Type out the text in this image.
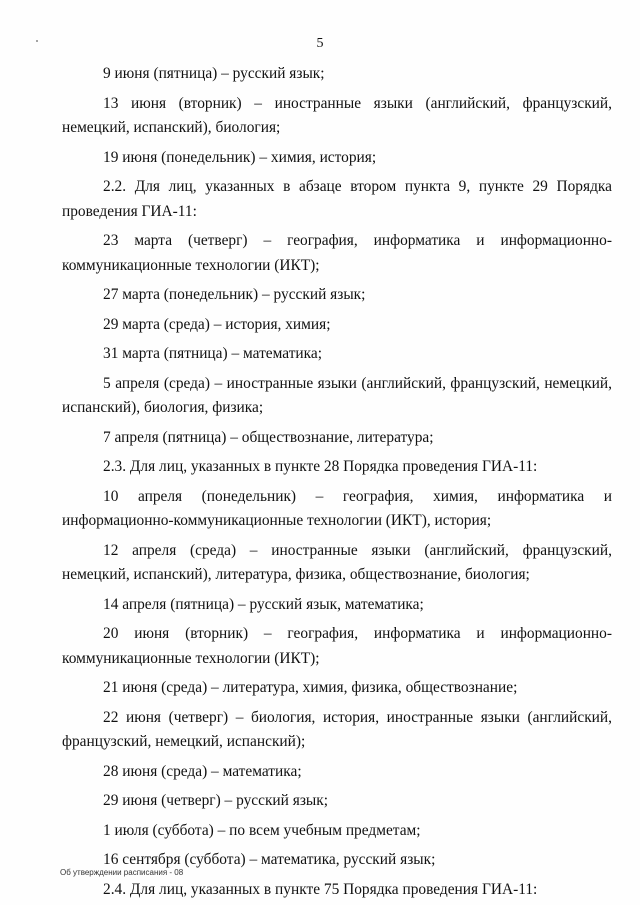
5

9 июня (пятница) – русский язык;

13 июня (вторник) – иностранные языки (английский, французский, немецкий, испанский), биология;

19 июня (понедельник) – химия, история;

2.2. Для лиц, указанных в абзаце втором пункта 9, пункте 29 Порядка проведения ГИА-11:

23 марта (четверг) – география, информатика и информационно-коммуникационные технологии (ИКТ);

27 марта (понедельник) – русский язык;

29 марта (среда) – история, химия;

31 марта (пятница) – математика;

5 апреля (среда) – иностранные языки (английский, французский, немецкий, испанский), биология, физика;

7 апреля (пятница) – обществознание, литература;

2.3. Для лиц, указанных в пункте 28 Порядка проведения ГИА-11:

10 апреля (понедельник) – география, химия, информатика и информационно-коммуникационные технологии (ИКТ), история;

12 апреля (среда) – иностранные языки (английский, французский, немецкий, испанский), литература, физика, обществознание, биология;

14 апреля (пятница) – русский язык, математика;

20 июня (вторник) – география, информатика и информационно-коммуникационные технологии (ИКТ);

21 июня (среда) – литература, химия, физика, обществознание;

22 июня (четверг) – биология, история, иностранные языки (английский, французский, немецкий, испанский);

28 июня (среда) – математика;

29 июня (четверг) – русский язык;

1 июля (суббота) – по всем учебным предметам;

16 сентября (суббота) – математика, русский язык;

2.4. Для лиц, указанных в пункте 75 Порядка проведения ГИА-11:

Об утверждении расписания - 08
